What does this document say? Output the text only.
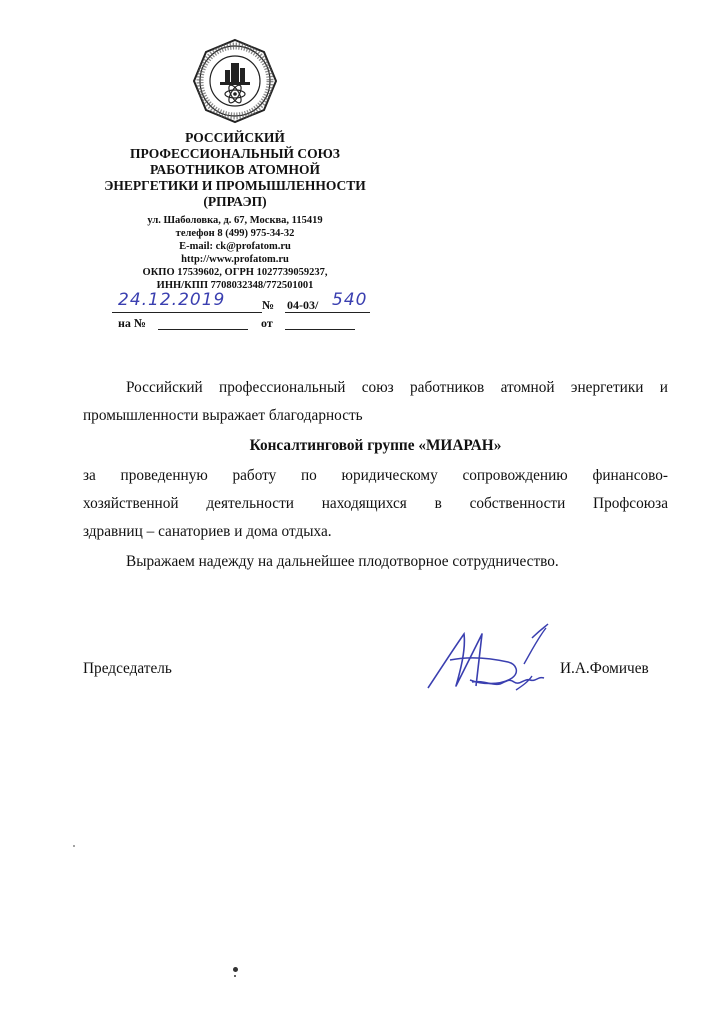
РОССИЙСКИЙ
ПРОФЕССИОНАЛЬНЫЙ СОЮЗ
РАБОТНИКОВ АТОМНОЙ
ЭНЕРГЕТИКИ И ПРОМЫШЛЕННОСТИ
(РПРАЭП)
ул. Шаболовка, д. 67, Москва, 115419
телефон 8 (499) 975-34-32
E-mail: ck@profatom.ru
http://www.profatom.ru
ОКПО 17539602, ОГРН 1027739059237,
ИНН/КПП 7708032348/772501001
24.12.2019	№ 04-03/ 540
на №	от

Российский профессиональный союз работников атомной энергетики и промышленности выражает благодарность

Консалтинговой группе «МИАРАН»

за проведенную работу по юридическому сопровождению финансово-

хозяйственной деятельности находящихся в собственности Профсоюза

здравниц – санаториев и дома отдыха.

Выражаем надежду на дальнейшее плодотворное сотрудничество.

Председатель	И.А.Фомичев
